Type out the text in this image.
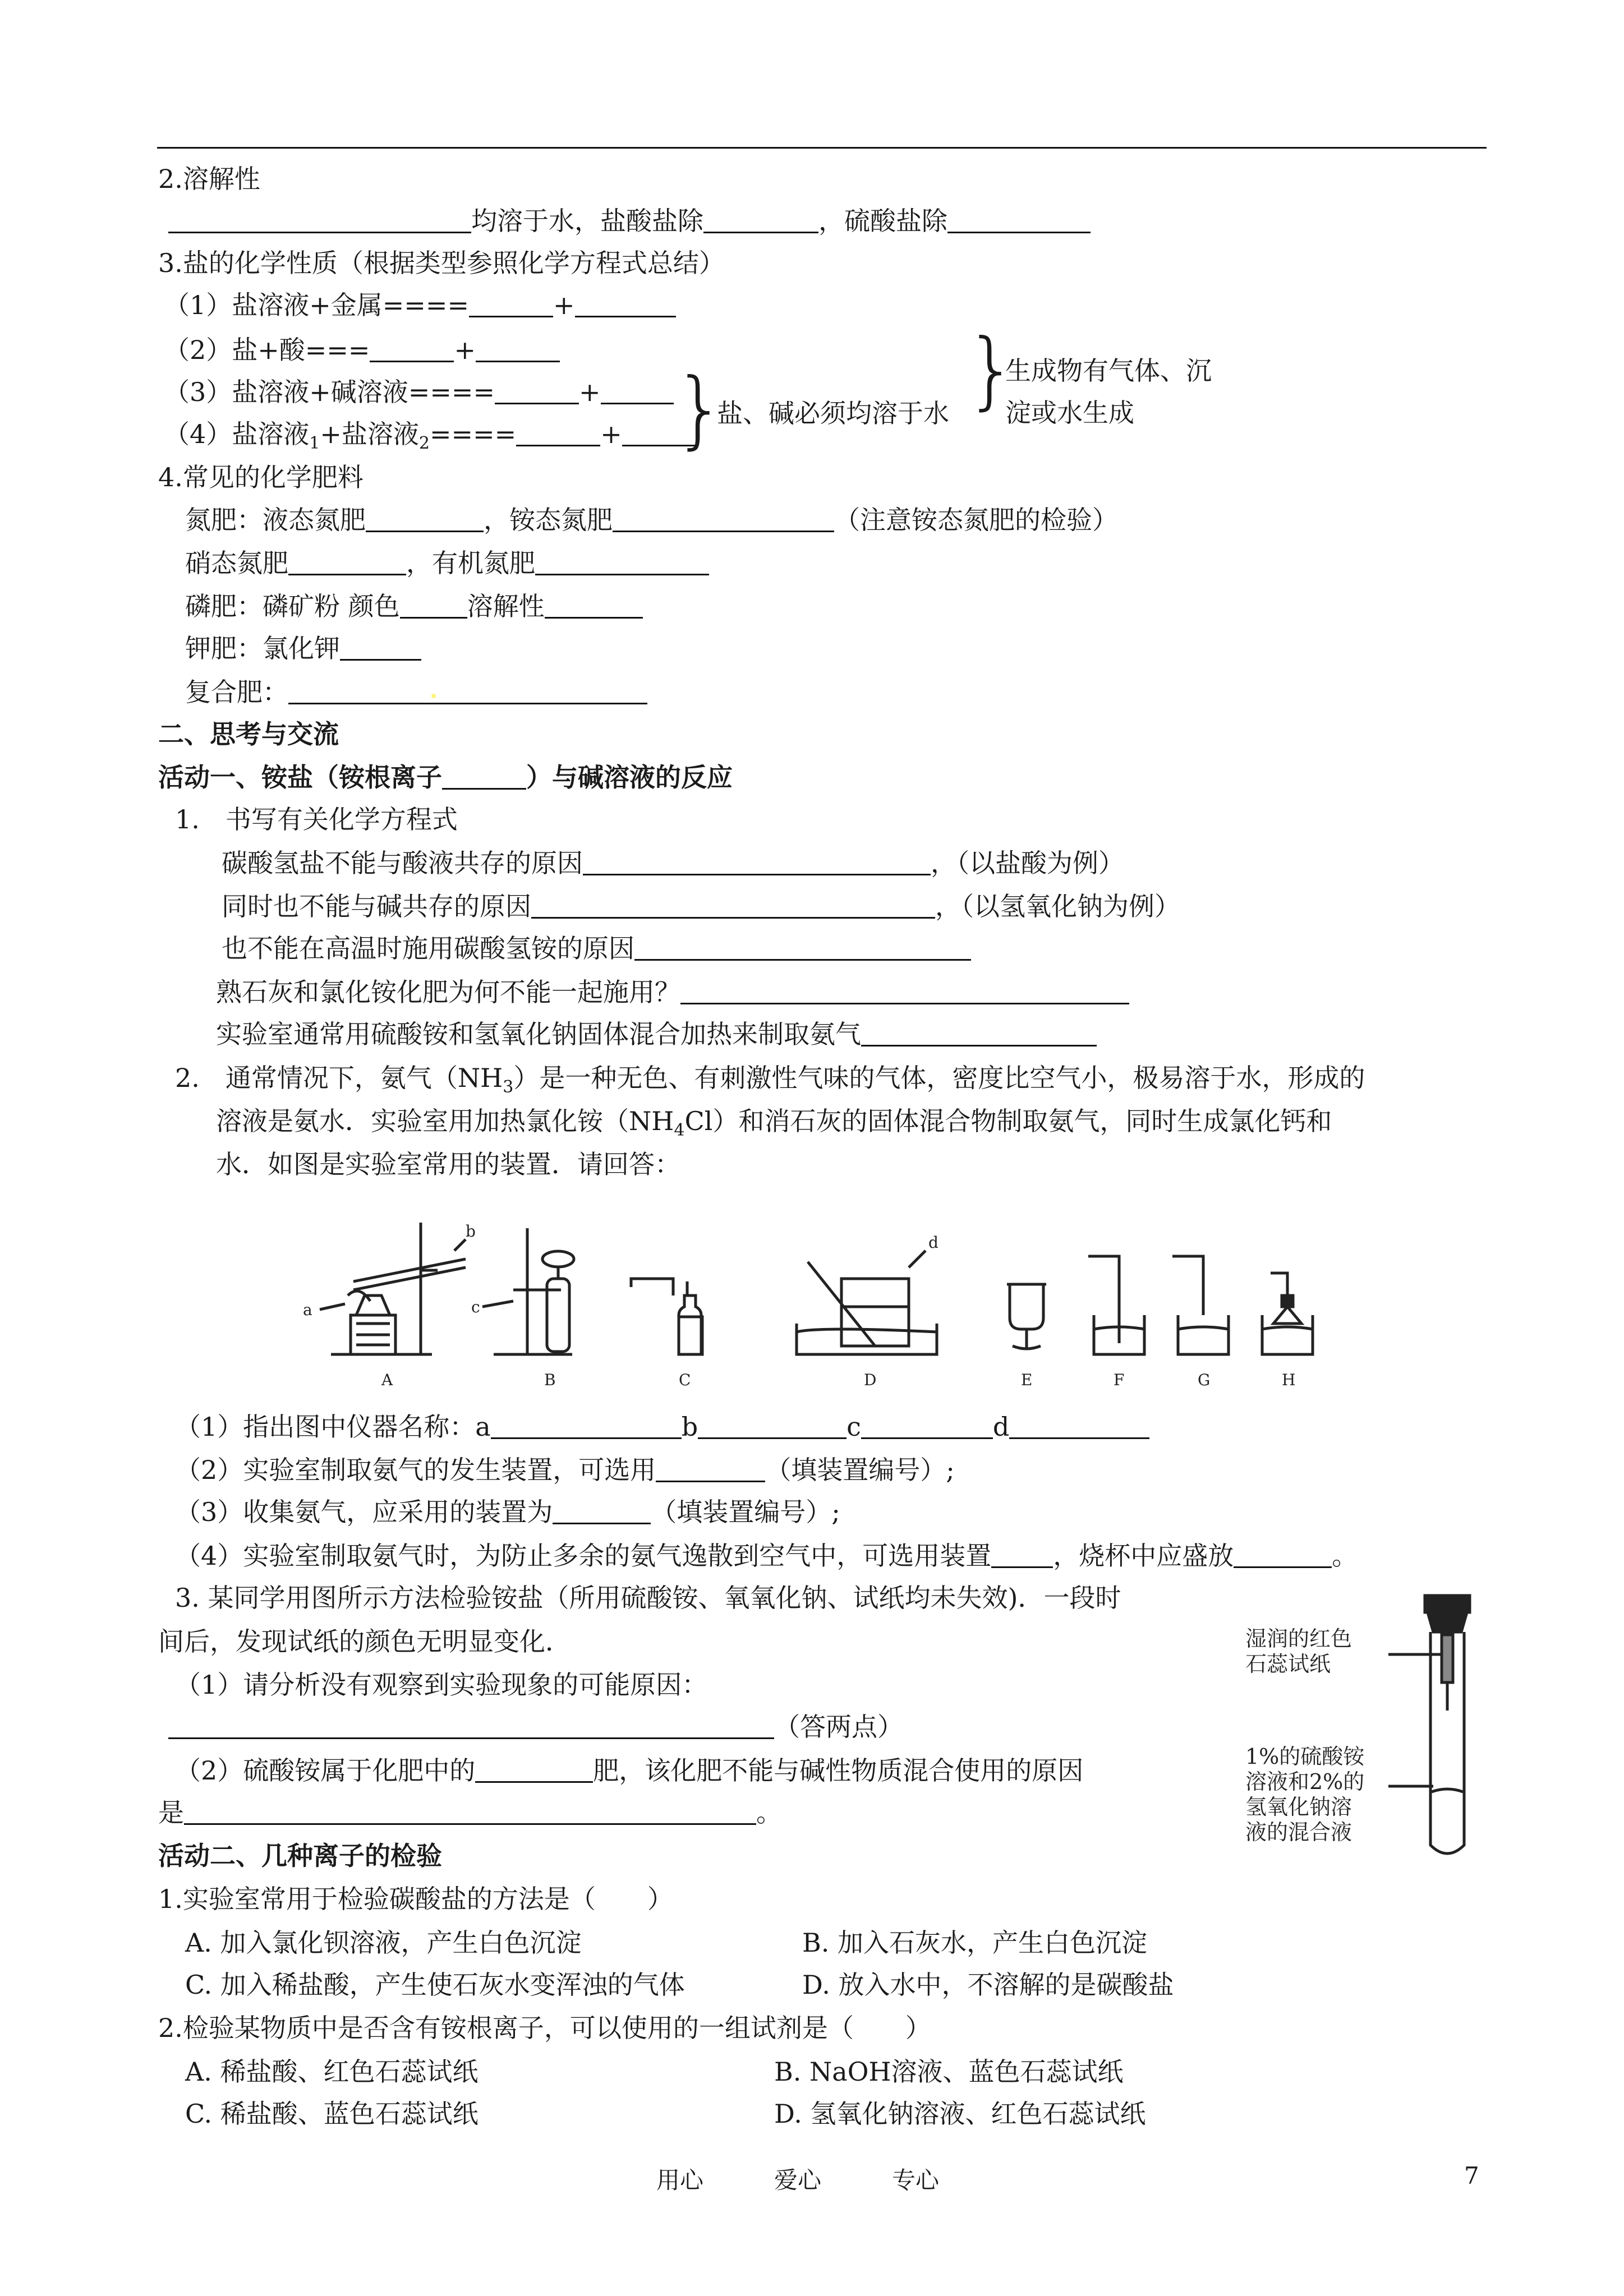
2.溶解性
均溶于水，盐酸盐除	，硫酸盐除
3.盐的化学性质（根据类型参照化学方程式总结）
（1）盐溶液+金属====	+
（2）盐+酸===	+
（3）盐溶液+碱溶液====	+
（4）盐溶液$_1$+盐溶液$_2$====	+ }
盐、碱必须均溶于水 }
生成物有气体、沉
淀或水生成
4.常见的化学肥料
氮肥：液态氮肥	，铵态氮肥	（注意铵态氮肥的检验）
硝态氮肥	，有机氮肥
磷肥：磷矿粉 颜色	溶解性
钾肥：氯化钾
复合肥：
二、思考与交流
活动一、铵盐（铵根离子	）与碱溶液的反应
1.　书写有关化学方程式
碳酸氢盐不能与酸液共存的原因	，（以盐酸为例）
同时也不能与碱共存的原因	，（以氢氧化钠为例）
也不能在高温时施用碳酸氢铵的原因
熟石灰和氯化铵化肥为何不能一起施用？
实验室通常用硫酸铵和氢氧化钠固体混合加热来制取氨气
2.　通常情况下，氨气$(NH_3)$是一种无色、有刺激性气味的气体，密度比空气小，极易溶于水，形成的
溶液是氨水．实验室用加热氯化铵$(NH_4Cl)$和消石灰的固体混合物制取氨气，同时生成氯化钙和
水．如图是实验室常用的装置．请回答：
A	B	C	D	E	F	G	H
a
b
c
d
（1）指出图中仪器名称：a	b	c	d
（2）实验室制取氨气的发生装置，可选用	（填装置编号）;
（3）收集氨气，应采用的装置为	（填装置编号）;
（4）实验室制取氨气时，为防止多余的氨气逸散到空气中，可选用装置 ，烧杯中应盛放	。
3. 某同学用图所示方法检验铵盐（所用硫酸铵、氧氧化钠、试纸均未失效)．一段时
间后，发现试纸的颜色无明显变化．
（1）请分析没有观察到实验现象的可能原因：
（答两点）
（2）硫酸铵属于化肥中的	肥，该化肥不能与碱性物质混合使用的原因
是	。
湿润的红色
石蕊试纸
1%的硫酸铵
溶液和2%的
氢氧化钠溶
液的混合液
活动二、几种离子的检验
1.实验室常用于检验碳酸盐的方法是（　　）
A. 加入氯化钡溶液，产生白色沉淀	B. 加入石灰水，产生白色沉淀
C. 加入稀盐酸，产生使石灰水变浑浊的气体	D. 放入水中，不溶解的是碳酸盐
2.检验某物质中是否含有铵根离子，可以使用的一组试剂是（　　）
A. 稀盐酸、红色石蕊试纸	B. NaOH溶液、蓝色石蕊试纸
C. 稀盐酸、蓝色石蕊试纸	D. 氢氧化钠溶液、红色石蕊试纸
用心　　　爱心　　　专心	7
